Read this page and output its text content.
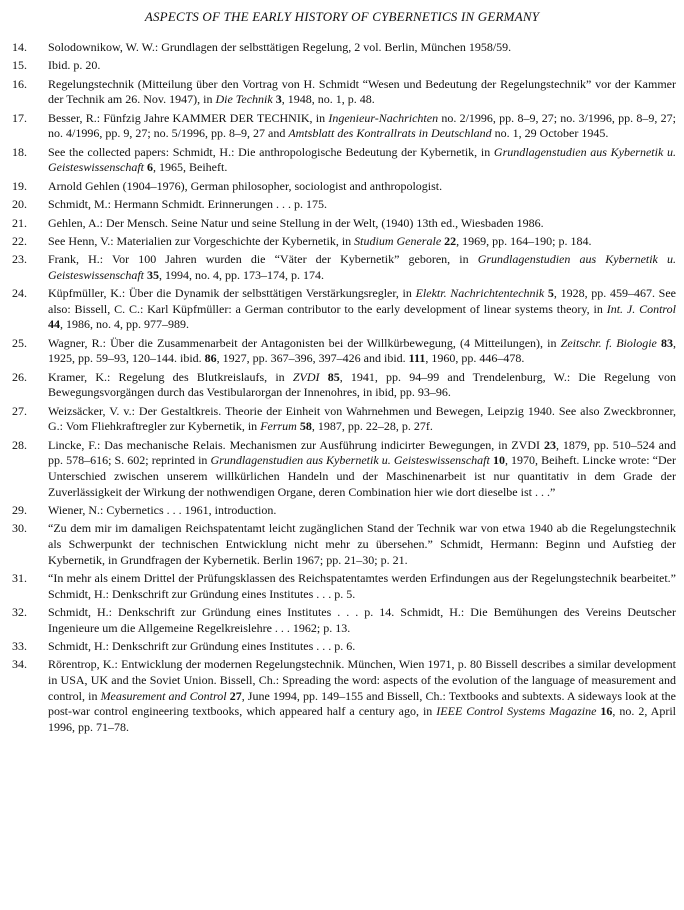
ASPECTS OF THE EARLY HISTORY OF CYBERNETICS IN GERMANY
14.	Solodownikow, W. W.: Grundlagen der selbsttätigen Regelung, 2 vol. Berlin, München 1958/59.
15.	Ibid. p. 20.
16.	Regelungstechnik (Mitteilung über den Vortrag von H. Schmidt “Wesen und Bedeutung der Regelungstechnik” vor der Kammer der Technik am 26. Nov. 1947), in Die Technik 3, 1948, no. 1, p. 48.
17.	Besser, R.: Fünfzig Jahre KAMMER DER TECHNIK, in Ingenieur-Nachrichten no. 2/1996, pp. 8–9, 27; no. 3/1996, pp. 8–9, 27; no. 4/1996, pp. 9, 27; no. 5/1996, pp. 8–9, 27 and Amtsblatt des Kontrallrats in Deutschland no. 1, 29 October 1945.
18.	See the collected papers: Schmidt, H.: Die anthropologische Bedeutung der Kybernetik, in Grundlagenstudien aus Kybernetik u. Geisteswissenschaft 6, 1965, Beiheft.
19.	Arnold Gehlen (1904–1976), German philosopher, sociologist and anthropologist.
20.	Schmidt, M.: Hermann Schmidt. Erinnerungen . . . p. 175.
21.	Gehlen, A.: Der Mensch. Seine Natur und seine Stellung in der Welt, (1940) 13th ed., Wiesbaden 1986.
22.	See Henn, V.: Materialien zur Vorgeschichte der Kybernetik, in Studium Generale 22, 1969, pp. 164–190; p. 184.
23.	Frank, H.: Vor 100 Jahren wurden die “Väter der Kybernetik” geboren, in Grundlagenstudien aus Kybernetik u. Geisteswissenschaft 35, 1994, no. 4, pp. 173–174, p. 174.
24.	Küpfmüller, K.: Über die Dynamik der selbsttätigen Verstärkungsregler, in Elektr. Nachrichtentechnik 5, 1928, pp. 459–467. See also: Bissell, C. C.: Karl Küpfmüller: a German contributor to the early development of linear systems theory, in Int. J. Control 44, 1986, no. 4, pp. 977–989.
25.	Wagner, R.: Über die Zusammenarbeit der Antagonisten bei der Willkürbewegung, (4 Mitteilungen), in Zeitschr. f. Biologie 83, 1925, pp. 59–93, 120–144. ibid. 86, 1927, pp. 367–396, 397–426 and ibid. 111, 1960, pp. 446–478.
26.	Kramer, K.: Regelung des Blutkreislaufs, in ZVDI 85, 1941, pp. 94–99 and Trendelenburg, W.: Die Regelung von Bewegungsvorgängen durch das Vestibularorgan der Innenohres, in ibid, pp. 93–96.
27.	Weizsäcker, V. v.: Der Gestaltkreis. Theorie der Einheit von Wahrnehmen und Bewegen, Leipzig 1940. See also Zweckbronner, G.: Vom Fliehkraftregler zur Kybernetik, in Ferrum 58, 1987, pp. 22–28, p. 27f.
28.	Lincke, F.: Das mechanische Relais. Mechanismen zur Ausführung indicirter Bewegungen, in ZVDI 23, 1879, pp. 510–524 and pp. 578–616; S. 602; reprinted in Grundlagenstudien aus Kybernetik u. Geisteswissenschaft 10, 1970, Beiheft. Lincke wrote: “Der Unterschied zwischen unserem willkürlichen Handeln und der Maschinenarbeit ist nur quantitativ in dem Grade der Zuverlässigkeit der Wirkung der nothwendigen Organe, deren Combination hier wie dort dieselbe ist . . .”
29.	Wiener, N.: Cybernetics . . . 1961, introduction.
30.	“Zu dem mir im damaligen Reichspatentamt leicht zugänglichen Stand der Technik war von etwa 1940 ab die Regelungstechnik als Schwerpunkt der technischen Entwicklung nicht mehr zu übersehen.” Schmidt, Hermann: Beginn und Aufstieg der Kybernetik, in Grundfragen der Kybernetik. Berlin 1967; pp. 21–30; p. 21.
31.	“In mehr als einem Drittel der Prüfungsklassen des Reichspatentamtes werden Erfindungen aus der Regelungstechnik bearbeitet.” Schmidt, H.: Denkschrift zur Gründung eines Institutes . . . p. 5.
32.	Schmidt, H.: Denkschrift zur Gründung eines Institutes . . . p. 14. Schmidt, H.: Die Bemühungen des Vereins Deutscher Ingenieure um die Allgemeine Regelkreislehre . . . 1962; p. 13.
33.	Schmidt, H.: Denkschrift zur Gründung eines Institutes . . . p. 6.
34.	Rörentrop, K.: Entwicklung der modernen Regelungstechnik. München, Wien 1971, p. 80 Bissell describes a similar development in USA, UK and the Soviet Union. Bissell, Ch.: Spreading the word: aspects of the evolution of the language of measurement and control, in Measurement and Control 27, June 1994, pp. 149–155 and Bissell, Ch.: Textbooks and subtexts. A sideways look at the post-war control engineering textbooks, which appeared half a century ago, in IEEE Control Systems Magazine 16, no. 2, April 1996, pp. 71–78.
